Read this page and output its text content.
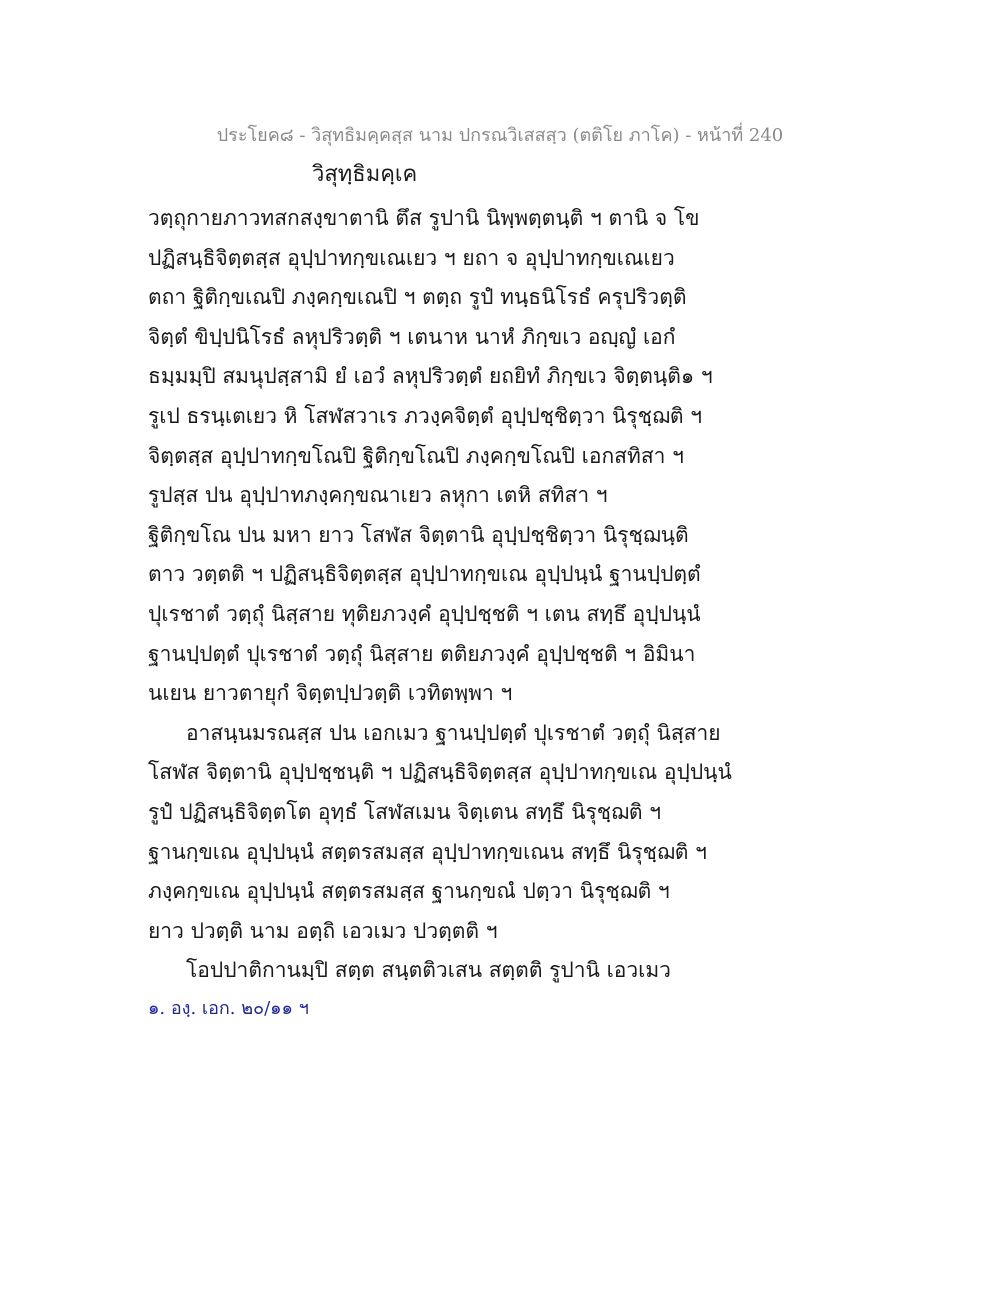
ประโยค๘ - วิสุทธิมคฺคสฺส นาม ปกรณวิเสสสฺว (ตติโย ภาโค) - หน้าที่ 240
วิสุทฺธิมคฺเค
วตฺถุกายภาวทสกสงฺขาตานิ ตึส รูปานิ นิพฺพตฺตนฺติ ฯ ตานิ จ โข
ปฏิสนฺธิจิตฺตสฺส อุปฺปาทกฺขเณเยว ฯ ยถา จ อุปฺปาทกฺขเณเยว
ตถา ฐิติกฺขเณปิ ภงฺคกฺขเณปิ ฯ ตตฺถ รูปํ ทนฺธนิโรธํ ครุปริวตฺติ
จิตฺตํ ขิปฺปนิโรธํ ลหุปริวตฺติ ฯ เตนาห นาหํ ภิกฺขเว อญฺญํ เอกํ
ธมฺมมฺปิ สมนุปสฺสามิ ยํ เอวํ ลหุปริวตฺตํ ยถยิทํ ภิกฺขเว จิตฺตนฺติ๑ ฯ
รูเป ธรนฺเตเยว หิ โสฬสวาเร ภวงฺคจิตฺตํ อุปฺปชฺชิตฺวา นิรุชฺฌติ ฯ
จิตฺตสฺส อุปฺปาทกฺขโณปิ ฐิติกฺขโณปิ ภงฺคกฺขโณปิ เอกสทิสา ฯ
รูปสฺส ปน อุปฺปาทภงฺคกฺขณาเยว ลหุกา เตหิ สทิสา ฯ
ฐิติกฺขโณ ปน มหา ยาว โสฬส จิตฺตานิ อุปฺปชฺชิตฺวา นิรุชฺฌนฺติ
ตาว วตฺตติ ฯ ปฏิสนฺธิจิตฺตสฺส อุปฺปาทกฺขเณ อุปฺปนฺนํ ฐานปฺปตฺตํ
ปุเรชาตํ วตฺถุํ นิสฺสาย ทุติยภวงฺคํ อุปฺปชฺชติ ฯ เตน สทฺธึ อุปฺปนฺนํ
ฐานปฺปตฺตํ ปุเรชาตํ วตฺถุํ นิสฺสาย ตติยภวงฺคํ อุปฺปชฺชติ ฯ อิมินา
นเยน ยาวตายุกํ จิตฺตปฺปวตฺติ เวทิตพฺพา ฯ
อาสนฺนมรณสฺส ปน เอกเมว ฐานปฺปตฺตํ ปุเรชาตํ วตฺถุํ นิสฺสาย
โสฬส จิตฺตานิ อุปฺปชฺชนฺติ ฯ ปฏิสนฺธิจิตฺตสฺส อุปฺปาทกฺขเณ อุปฺปนฺนํ
รูปํ ปฏิสนฺธิจิตฺตโต อุทฺธํ โสฬสเมน จิตฺเตน สทฺธึ นิรุชฺฌติ ฯ
ฐานกฺขเณ อุปฺปนฺนํ สตฺตรสมสฺส อุปฺปาทกฺขเณน สทฺธึ นิรุชฺฌติ ฯ
ภงฺคกฺขเณ อุปฺปนฺนํ สตฺตรสมสฺส ฐานกฺขณํ ปตฺวา นิรุชฺฌติ ฯ
ยาว ปวตฺติ นาม อตฺถิ เอวเมว ปวตฺตติ ฯ
โอปปาติกานมฺปิ สตฺต สนฺตติวเสน สตฺตติ รูปานิ เอวเมว
๑. องฺ. เอก. ๒๐/๑๑ ฯ
